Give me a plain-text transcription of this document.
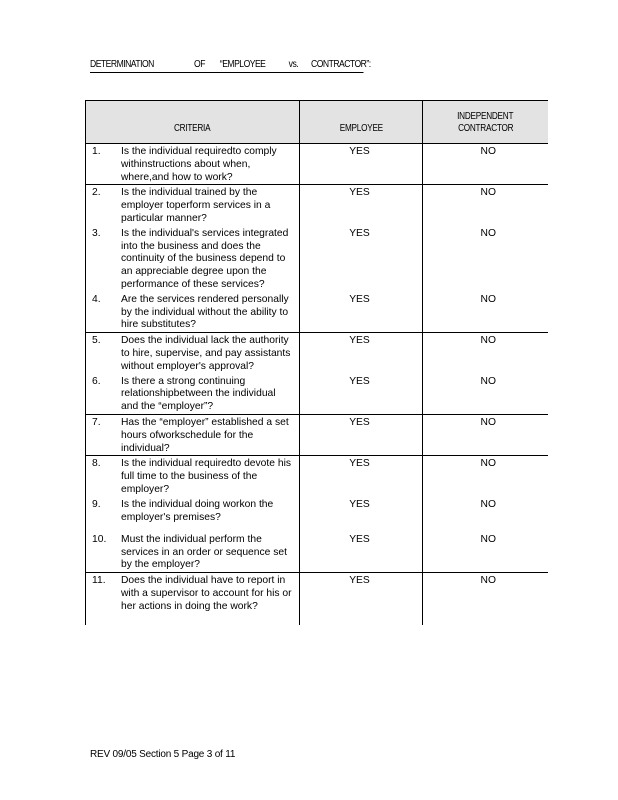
DETERMINATION	OF “EMPLOYEE vs. CONTRACTOR”:
CRITERIA	EMPLOYEE	INDEPENDENT
CONTRACTOR

1. Is the individual requiredto comply withinstructions about when, where,and how to work?	YES	NO

2. Is the individual trained by the employer toperform services in a particular manner?	YES	NO

3. Is the individual's services integrated into the business and does the continuity of the business depend to an appreciable degree upon the performance of these services?	YES	NO

4. Are the services rendered personally by the individual without the ability to hire substitutes?	YES	NO

5. Does the individual lack the authority to hire, supervise, and pay assistants without employer's approval?	YES	NO

6. Is there a strong continuing relationshipbetween the individual and the “employer”?	YES	NO

7. Has the “employer” established a set hours ofworkschedule for the individual?	YES	NO

8. Is the individual requiredto devote his full time to the business of the employer?	YES	NO

9. Is the individual doing workon the employer's premises?	YES	NO

10. Must the individual perform the services in an order or sequence set by the employer?	YES	NO

11. Does the individual have to report in with a supervisor to account for his or her actions in doing the work?	YES	NO
REV 09/05 Section 5 Page 3 of 11
